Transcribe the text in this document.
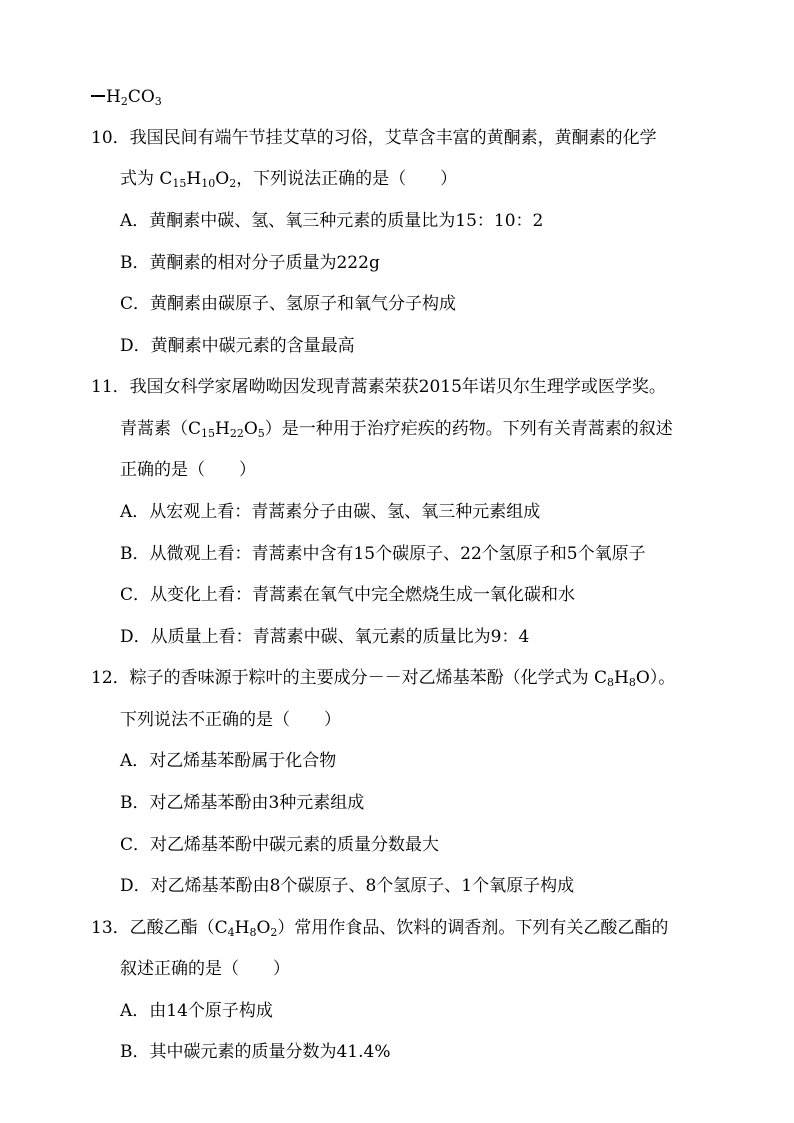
$H_2CO_3$
10．我国民间有端午节挂艾草的习俗，艾草含丰富的黄酮素，黄酮素的化学
式为 $C_{15}H_{10}O_2$，下列说法正确的是（　　）
A．黄酮素中碳、氢、氧三种元素的质量比为15：10：2
B．黄酮素的相对分子质量为222g
C．黄酮素由碳原子、氢原子和氧气分子构成
D．黄酮素中碳元素的含量最高
11．我国女科学家屠呦呦因发现青蒿素荣获2015年诺贝尔生理学或医学奖。
青蒿素$(C_{15}H_{22}O_5)$是一种用于治疗疟疾的药物。下列有关青蒿素的叙述
正确的是（　　）
A．从宏观上看：青蒿素分子由碳、氢、氧三种元素组成
B．从微观上看：青蒿素中含有15个碳原子、22个氢原子和5个氧原子
C．从变化上看：青蒿素在氧气中完全燃烧生成一氧化碳和水
D．从质量上看：青蒿素中碳、氧元素的质量比为9：4
12．粽子的香味源于粽叶的主要成分－－对乙烯基苯酚（化学式为 $C_8H_8O$）。
下列说法不正确的是（　　）
A．对乙烯基苯酚属于化合物
B．对乙烯基苯酚由3种元素组成
C．对乙烯基苯酚中碳元素的质量分数最大
D．对乙烯基苯酚由8个碳原子、8个氢原子、1个氧原子构成
13．乙酸乙酯$(C_4H_8O_2)$常用作食品、饮料的调香剂。下列有关乙酸乙酯的
叙述正确的是（　　）
A．由14个原子构成
B．其中碳元素的质量分数为41.4%
